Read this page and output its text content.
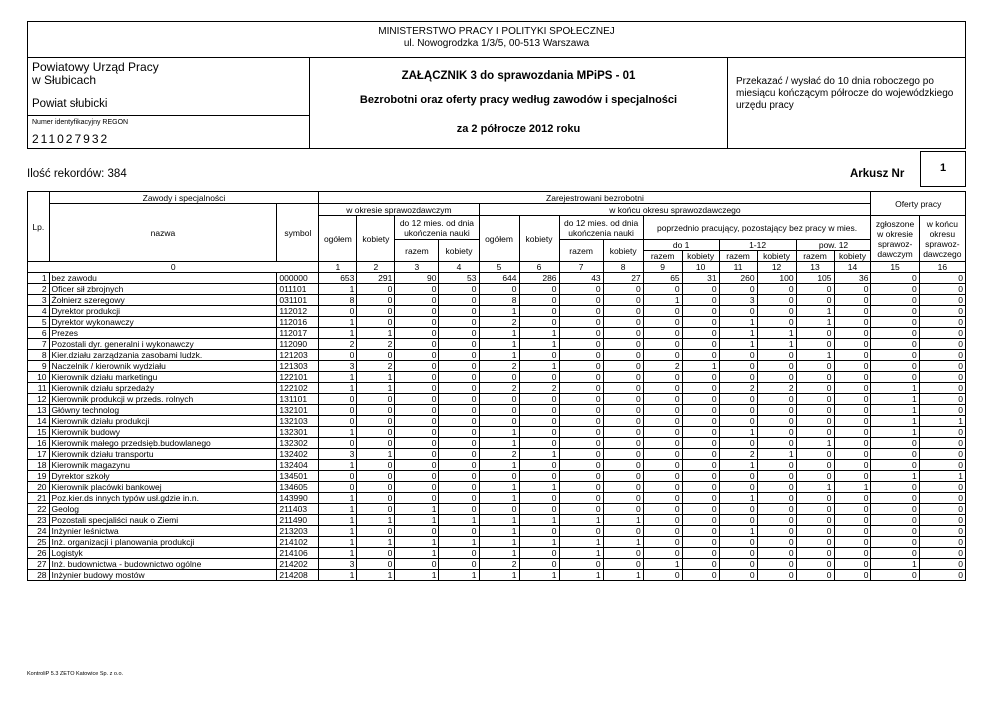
MINISTERSTWO PRACY I POLITYKI SPOŁECZNEJ
ul. Nowogrodzka 1/3/5, 00-513 Warszawa
Powiatowy Urząd Pracy
w Słubicach
Powiat słubicki
Numer identyfikacyjny REGON
211027932
ZAŁĄCZNIK 3 do sprawozdania MPiPS - 01
Bezrobotni oraz oferty pracy według zawodów i specjalności
za 2 półrocze 2012 roku
Przekazać / wysłać do 10 dnia roboczego po miesiącu kończącym półrocze do wojewódzkiego urzędu pracy
Ilość rekordów: 384	Arkusz Nr	1
Lp.	Zawody i specjalności		Zarejestrowani bezrobotni														Oferty pracy	
	nazwa	symbol	w okresie sprawozdawczym				w końcu okresu sprawozdawczego											
			ogółem	kobiety	do 12 mies. od dnia ukończenia nauki		ogółem	kobiety	do 12 mies. od dnia ukończenia nauki		poprzednio pracujący, pozostający bez pracy w mies.						zgłoszone w okresie sprawoz-dawczym	w końcu okresu sprawoz-dawczego
					razem	kobiety			razem	kobiety	do 1		1-12		pow. 12			
											razem	kobiety	razem	kobiety	razem	kobiety		
0			1	2	3	4	5	6	7	8	9	10	11	12	13	14	15	16
1	bez zawodu	000000	653	291	90	53	644	286	43	27	65	31	260	100	105	36	0	0
2	Oficer sił zbrojnych	011101	1	0	0	0	0	0	0	0	0	0	0	0	0	0	0	0
3	Żołnierz szeregowy	031101	8	0	0	0	8	0	0	0	1	0	3	0	0	0	0	0
4	Dyrektor produkcji	112012	0	0	0	0	1	0	0	0	0	0	0	0	1	0	0	0
5	Dyrektor wykonawczy	112016	1	0	0	0	2	0	0	0	0	0	1	0	1	0	0	0
6	Prezes	112017	1	1	0	0	1	1	0	0	0	0	1	1	0	0	0	0
7	Pozostali dyr. generalni i wykonawczy	112090	2	2	0	0	1	1	0	0	0	0	1	1	0	0	0	0
8	Kier.działu zarządzania zasobami ludzk.	121203	0	0	0	0	1	0	0	0	0	0	0	0	1	0	0	0
9	Naczelnik / kierownik wydziału	121303	3	2	0	0	2	1	0	0	2	1	0	0	0	0	0	0
10	Kierownik działu marketingu	122101	1	1	0	0	0	0	0	0	0	0	0	0	0	0	0	0
11	Kierownik działu sprzedaży	122102	1	1	0	0	2	2	0	0	0	0	2	2	0	0	1	0
12	Kierownik produkcji w przeds. rolnych	131101	0	0	0	0	0	0	0	0	0	0	0	0	0	0	1	0
13	Główny technolog	132101	0	0	0	0	0	0	0	0	0	0	0	0	0	0	1	0
14	Kierownik działu produkcji	132103	0	0	0	0	0	0	0	0	0	0	0	0	0	0	1	1
15	Kierownik budowy	132301	1	0	0	0	1	0	0	0	0	0	1	0	0	0	1	0
16	Kierownik małego przedsięb.budowlanego	132302	0	0	0	0	1	0	0	0	0	0	0	0	1	0	0	0
17	Kierownik działu transportu	132402	3	1	0	0	2	1	0	0	0	0	2	1	0	0	0	0
18	Kierownik magazynu	132404	1	0	0	0	1	0	0	0	0	0	1	0	0	0	0	0
19	Dyrektor szkoły	134501	0	0	0	0	0	0	0	0	0	0	0	0	0	0	1	1
20	Kierownik placówki bankowej	134605	0	0	0	0	1	1	0	0	0	0	0	0	1	1	0	0
21	Poz.kier.ds innych typów usł.gdzie in.n.	143990	1	0	0	0	1	0	0	0	0	0	1	0	0	0	0	0
22	Geolog	211403	1	0	1	0	0	0	0	0	0	0	0	0	0	0	0	0
23	Pozostali specjaliści nauk o Ziemi	211490	1	1	1	1	1	1	1	1	0	0	0	0	0	0	0	0
24	Inżynier leśnictwa	213203	1	0	0	0	1	0	0	0	0	0	1	0	0	0	0	0
25	Inż. organizacji i planowania produkcji	214102	1	1	1	1	1	1	1	1	0	0	0	0	0	0	0	0
26	Logistyk	214106	1	0	1	0	1	0	1	0	0	0	0	0	0	0	0	0
27	Inż. budownictwa - budownictwo ogólne	214202	3	0	0	0	2	0	0	0	1	0	0	0	0	0	1	0
28	Inżynier budowy mostów	214208	1	1	1	1	1	1	1	1	0	0	0	0	0	0	0	0
KontroliP 5.3 ZETO Katowice Sp. z o.o.
